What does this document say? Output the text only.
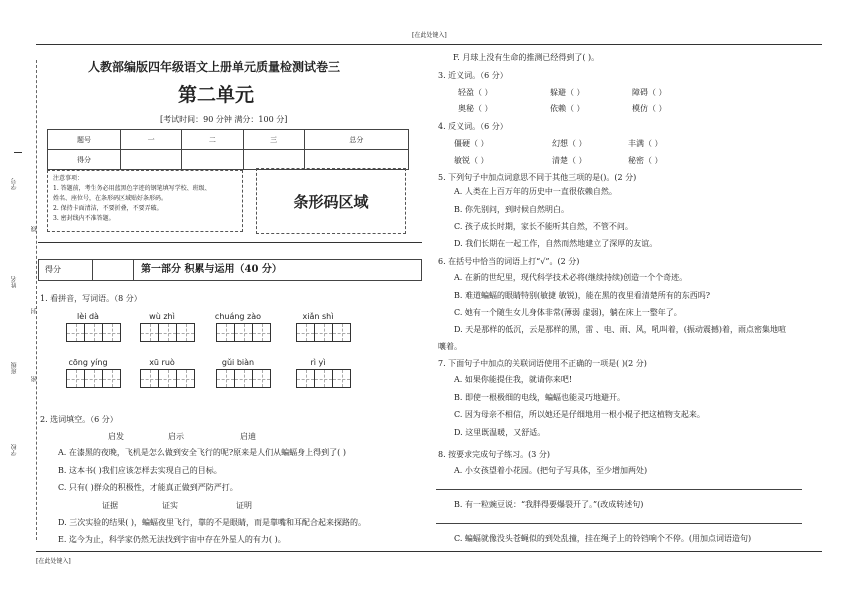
[在此处键入]
[在此处键入]
学号
姓名
班级
学校
线
封
密
人教部编版四年级语文上册单元质量检测试卷三
第二单元
[考试时间：90 分钟 满分：100 分]
题号	一	二	三	总分
得分				
注意事项：
1. 答题前，考生务必用蓝黑色字迹的钢笔填写学校、班级、
姓名、座位号，在条形码区域贴好条形码。
2. 保持卡面清洁，不要折叠，不要弄破。
3. 密封线内不准答题。
条形码区域
得分	第一部分 积累与运用（40 分）
1. 看拼音，写词语。（8 分）
lèi dà	wù zhì	chuáng zào	xiǎn shì
cōng yíng	xū ruò	gǔi biàn	rì yì
2. 选词填空。（6 分）
启发	启示	启迪
A. 在漆黑的夜晚，飞机是怎么做到安全飞行的呢?原来是人们从蝙蝠身上得到了( )
B. 这本书( )我们应该怎样去实现自己的目标。
C. 只有( )群众的积极性，才能真正做到严防严打。
证据	证实	证明
D. 三次实验的结果( )，蝙蝠夜里飞行，靠的不是眼睛，而是靠嘴和耳配合起来探路的。
E. 迄今为止，科学家仍然无法找到宇宙中存在外星人的有力( )。
F. 月球上没有生命的推测已经得到了( )。
3. 近义词。（6 分）
轻盈（ ）	躲避（ ）	障碍（ ）
奥秘（ ）	依赖（ ）	模仿（ ）
4. 反义词。（6 分）
僵硬（ ）	幻想（ ）	丰满（ ）
敏锐（ ）	清楚（ ）	秘密（ ）
5. 下列句子中加点词意思不同于其他三项的是()。(2 分)
A. 人类在上百万年的历史中一直很依赖自然。
B. 你先别问，到时候自然明白。
C. 孩子成长时期，家长不能听其自然，不管不问。
D. 我们长期在一起工作，自然而然地建立了深厚的友谊。
6. 在括号中恰当的词语上打“√”。(2 分)
A. 在新的世纪里，现代科学技术必将(继续持续)创造一个个奇迹。
B. 难道蝙蝠的眼睛特别(敏捷 敏锐)，能在黑的夜里看清楚所有的东西吗?
C. 她有一个随生女儿身体非常(薄弱 虚弱)，躺在床上一整年了。
D. 天是那样的低沉，云是那样的黑，雷 、电、雨、风，吼叫着，(振动震撼)着，雨点密集地喧
嚷着。
7. 下面句子中加点的关联词语使用不正确的一项是( )(2 分)
A. 如果你能提住我，就请你来吧!
B. 即使一根极细的电线，蝙蝠也能灵巧地避开。
C. 因为母亲不相信，所以她还是仔细地用一根小棍子把这植物支起来。
D. 这里既温暖，又舒适。
8. 按要求完成句子练习。(3 分)
A. 小女孩望着小花园。(把句子写具体，至少增加两处)
B. 有一粒豌豆说：“我胖得要爆裂开了。”(改成转述句)
C. 蝙蝠就像没头苍蝇似的到处乱撞，挂在绳子上的铃铛响个不停。(用加点词语造句)
